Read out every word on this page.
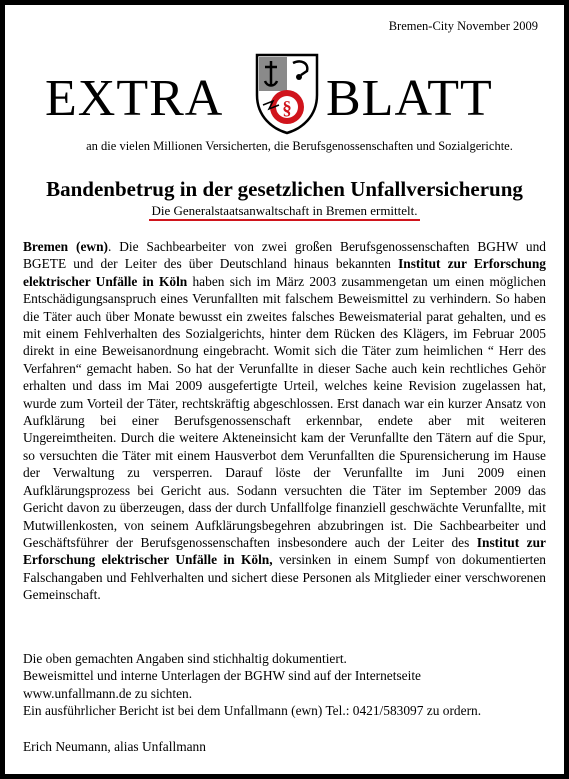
Bremen-City November 2009
EXTRA	§ BLATT
an die vielen Millionen Versicherten, die Berufsgenossenschaften und Sozialgerichte.
Bandenbetrug in der gesetzlichen Unfallversicherung
Die Generalstaatsanwaltschaft in Bremen ermittelt.
Bremen (ewn). Die Sachbearbeiter von zwei großen Berufsgenossenschaften BGHW und BGETE und der Leiter des über Deutschland hinaus bekannten Institut zur Erforschung elektrischer Unfälle in Köln haben sich im März 2003 zusammengetan um einen möglichen Entschädigungsanspruch eines Verunfallten mit falschem Beweismittel zu verhindern. So haben die Täter auch über Monate bewusst ein zweites falsches Beweismaterial parat gehalten, und es mit einem Fehlverhalten des Sozialgerichts, hinter dem Rücken des Klägers, im Februar 2005 direkt in eine Beweisanordnung eingebracht. Womit sich die Täter zum heimlichen “ Herr des Verfahren“ gemacht haben. So hat der Verunfallte in dieser Sache auch kein rechtliches Gehör erhalten und dass im Mai 2009 ausgefertigte Urteil, welches keine Revision zugelassen hat, wurde zum Vorteil der Täter, rechtskräftig abgeschlossen. Erst danach war ein kurzer Ansatz von Aufklärung bei einer Berufsgenossenschaft erkennbar, endete aber mit weiteren Ungereimtheiten. Durch die weitere Akteneinsicht kam der Verunfallte den Tätern auf die Spur, so versuchten die Täter mit einem Hausverbot dem Verunfallten die Spurensicherung im Hause der Verwaltung zu versperren. Darauf löste der Verunfallte im Juni 2009 einen Aufklärungsprozess bei Gericht aus. Sodann versuchten die Täter im September 2009 das Gericht davon zu überzeugen, dass der durch Unfallfolge finanziell geschwächte Verunfallte, mit Mutwillenkosten, von seinem Aufklärungsbegehren abzubringen ist. Die Sachbearbeiter und Geschäftsführer der Berufsgenossenschaften insbesondere auch der Leiter des Institut zur Erforschung elektrischer Unfälle in Köln, versinken in einem Sumpf von dokumentierten Falschangaben und Fehlverhalten und sichert diese Personen als Mitglieder einer verschworenen Gemeinschaft.
Die oben gemachten Angaben sind stichhaltig dokumentiert.
Beweismittel und interne Unterlagen der BGHW sind auf der Internetseite
www.unfallmann.de zu sichten.
Ein ausführlicher Bericht ist bei dem Unfallmann (ewn) Tel.: 0421/583097 zu ordern.
Erich Neumann, alias Unfallmann
